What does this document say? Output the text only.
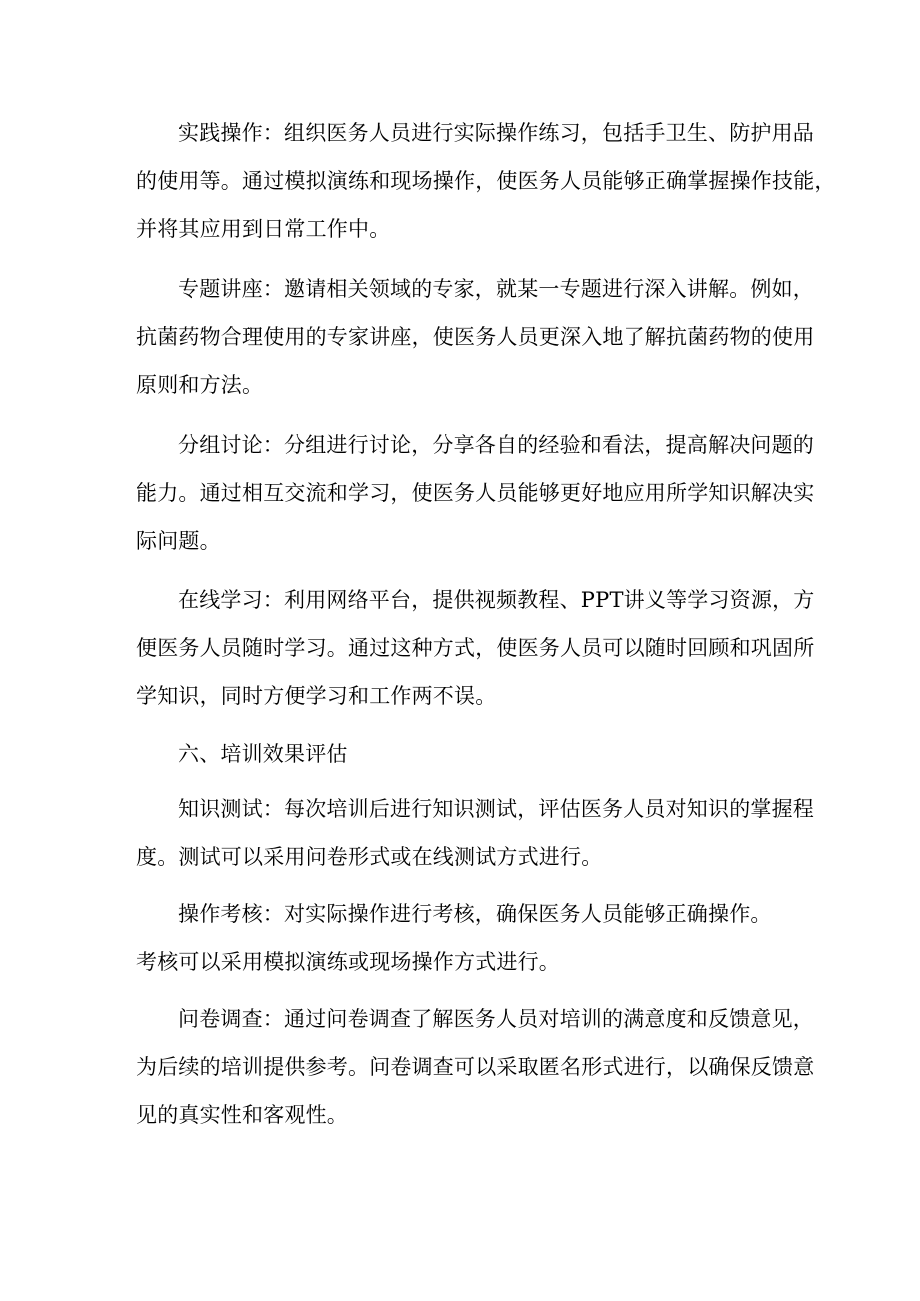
实践操作：组织医务人员进行实际操作练习，包括手卫生、防护用品
的使用等。通过模拟演练和现场操作，使医务人员能够正确掌握操作技能，
并将其应用到日常工作中。
专题讲座：邀请相关领域的专家，就某一专题进行深入讲解。例如，
抗菌药物合理使用的专家讲座，使医务人员更深入地了解抗菌药物的使用
原则和方法。
分组讨论：分组进行讨论，分享各自的经验和看法，提高解决问题的
能力。通过相互交流和学习，使医务人员能够更好地应用所学知识解决实
际问题。
在线学习：利用网络平台，提供视频教程、PPT讲义等学习资源，方
便医务人员随时学习。通过这种方式，使医务人员可以随时回顾和巩固所
学知识，同时方便学习和工作两不误。
六、培训效果评估
知识测试：每次培训后进行知识测试，评估医务人员对知识的掌握程
度。测试可以采用问卷形式或在线测试方式进行。
操作考核：对实际操作进行考核，确保医务人员能够正确操作。
考核可以采用模拟演练或现场操作方式进行。
问卷调查：通过问卷调查了解医务人员对培训的满意度和反馈意见，
为后续的培训提供参考。问卷调查可以采取匿名形式进行，以确保反馈意
见的真实性和客观性。
